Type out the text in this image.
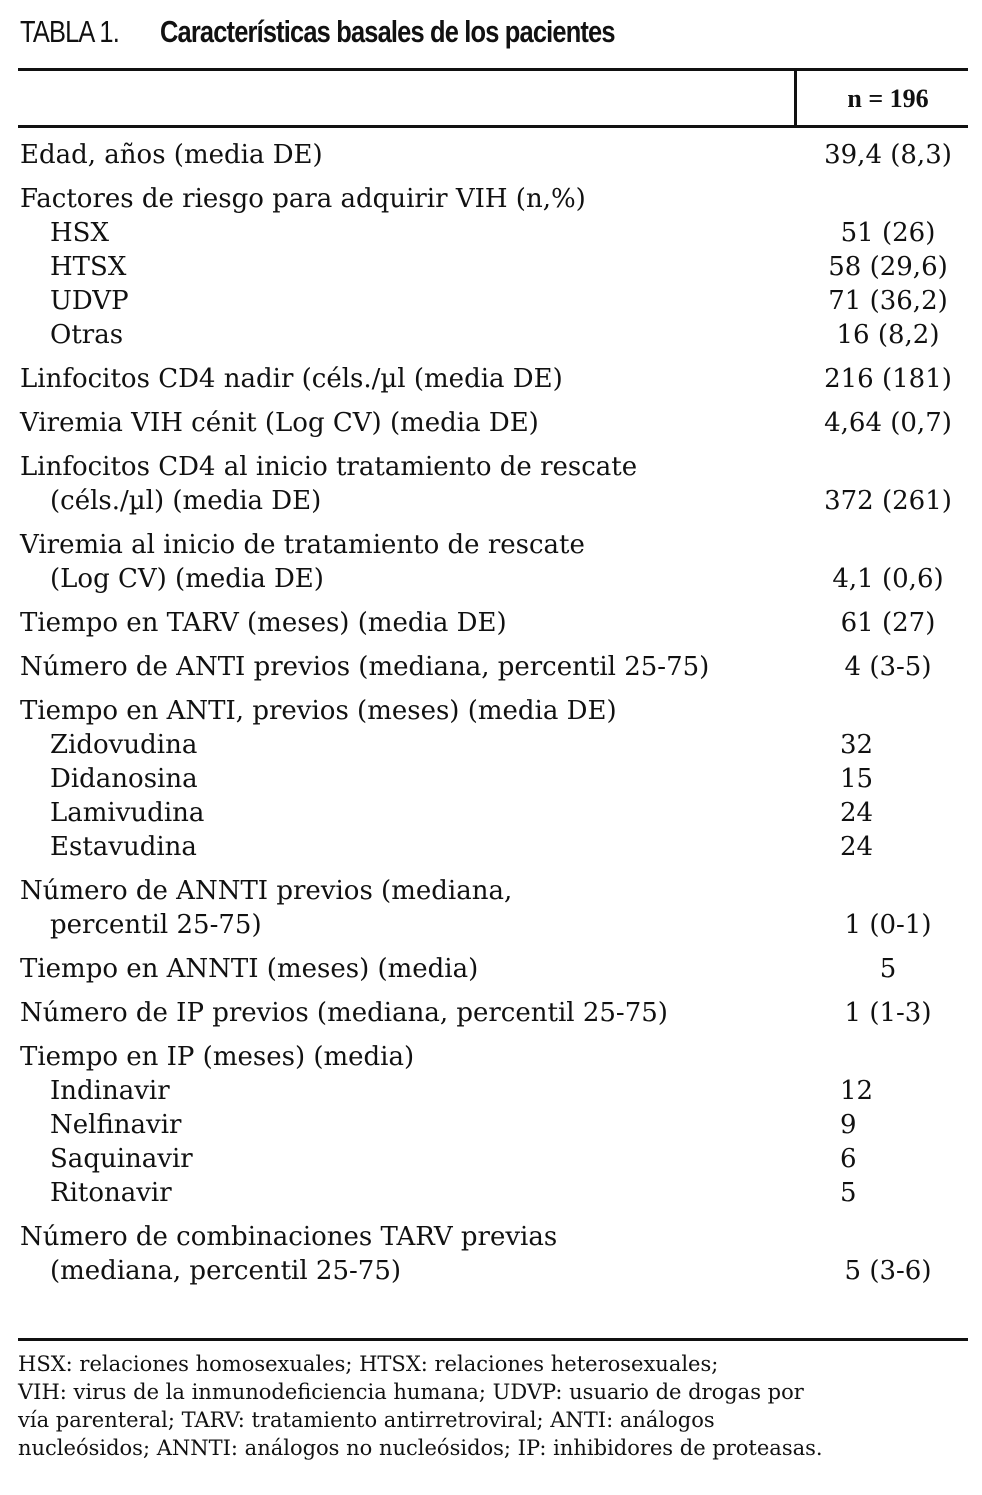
TABLA 1. Características basales de los pacientes
n = 196
Edad, años (media DE)	39,4 (8,3)
Factores de riesgo para adquirir VIH (n,%)
HSX	51 (26)
HTSX	58 (29,6)
UDVP	71 (36,2)
Otras	16 (8,2)
Linfocitos CD4 nadir (céls./µl (media DE)	216 (181)
Viremia VIH cénit (Log CV) (media DE)	4,64 (0,7)
Linfocitos CD4 al inicio tratamiento de rescate
(céls./µl) (media DE)	372 (261)
Viremia al inicio de tratamiento de rescate
(Log CV) (media DE)	4,1 (0,6)
Tiempo en TARV (meses) (media DE)	61 (27)
Número de ANTI previos (mediana, percentil 25-75)	4 (3-5)
Tiempo en ANTI, previos (meses) (media DE)
Zidovudina	32
Didanosina	15
Lamivudina	24
Estavudina	24
Número de ANNTI previos (mediana,
percentil 25-75)	1 (0-1)
Tiempo en ANNTI (meses) (media)	5
Número de IP previos (mediana, percentil 25-75)	1 (1-3)
Tiempo en IP (meses) (media)
Indinavir	12
Nelfinavir	9
Saquinavir	6
Ritonavir	5
Número de combinaciones TARV previas
(mediana, percentil 25-75)	5 (3-6)
HSX: relaciones homosexuales; HTSX: relaciones heterosexuales;
VIH: virus de la inmunodeficiencia humana; UDVP: usuario de drogas por
vía parenteral; TARV: tratamiento antirretroviral; ANTI: análogos
nucleósidos; ANNTI: análogos no nucleósidos; IP: inhibidores de proteasas.
